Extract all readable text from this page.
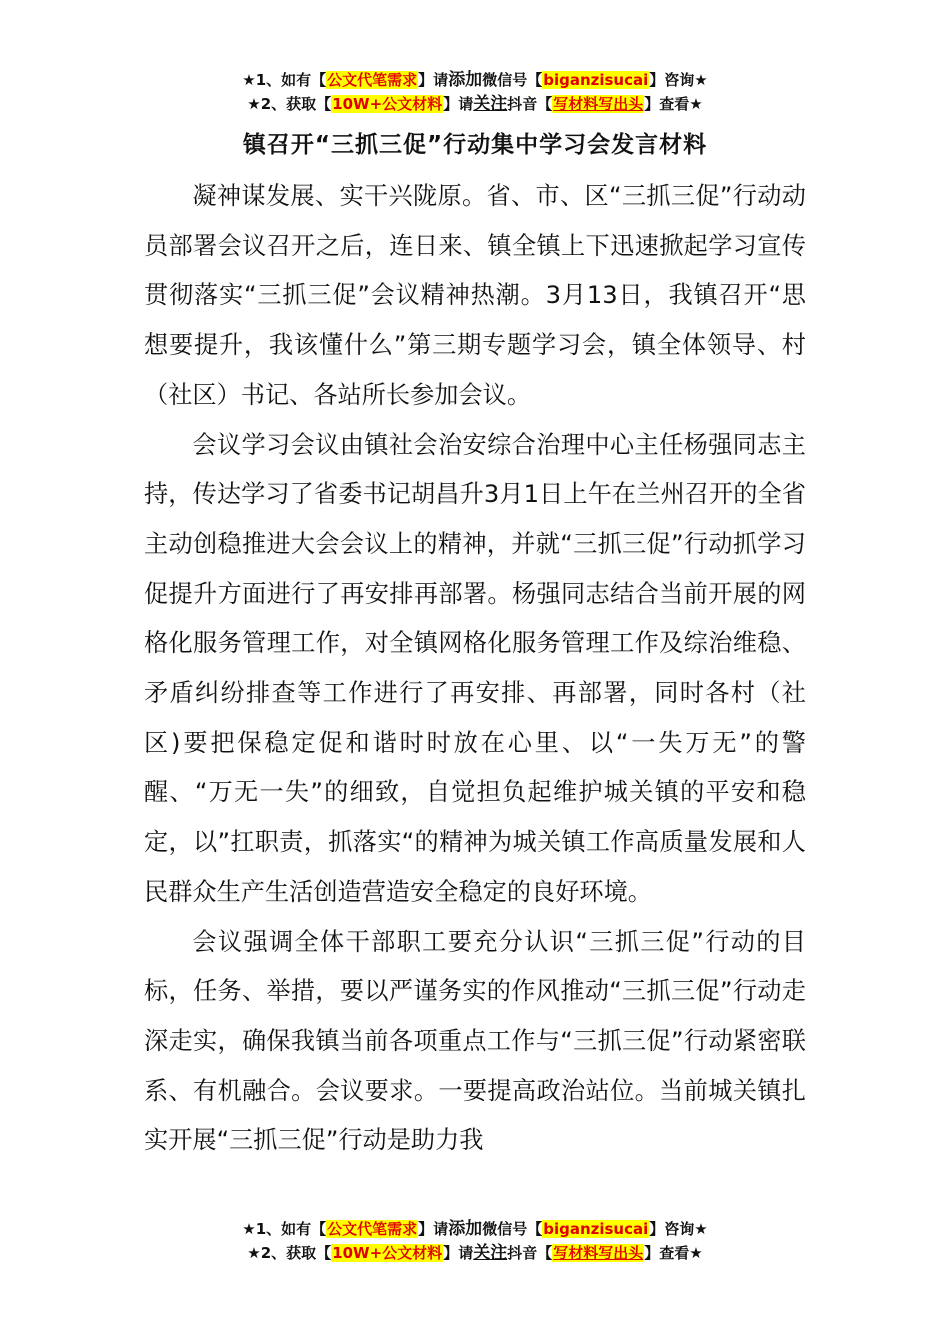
★1、如有【公文代笔需求】请添加微信号【biganzisucai】咨询★
★2、获取【10W+公文材料】请关注抖音【写材料写出头】查看★
镇召开“三抓三促”行动集中学习会发言材料

凝神谋发展、实干兴陇原。省、市、区“三抓三促”行动动员部署会议召开之后，连日来、镇全镇上下迅速掀起学习宣传贯彻落实“三抓三促”会议精神热潮。3月13日，我镇召开“思想要提升，我该懂什么”第三期专题学习会，镇全体领导、村（社区）书记、各站所长参加会议。

会议学习会议由镇社会治安综合治理中心主任杨强同志主持，传达学习了省委书记胡昌升3月1日上午在兰州召开的全省主动创稳推进大会会议上的精神，并就“三抓三促”行动抓学习促提升方面进行了再安排再部署。杨强同志结合当前开展的网格化服务管理工作，对全镇网格化服务管理工作及综治维稳、矛盾纠纷排查等工作进行了再安排、再部署，同时各村（社区)要把保稳定促和谐时时放在心里、以“一失万无”的警醒、“万无一失”的细致，自觉担负起维护城关镇的平安和稳定，以”扛职责，抓落实“的精神为城关镇工作高质量发展和人民群众生产生活创造营造安全稳定的良好环境。

会议强调全体干部职工要充分认识“三抓三促”行动的目标，任务、举措，要以严谨务实的作风推动“三抓三促”行动走深走实，确保我镇当前各项重点工作与“三抓三促”行动紧密联系、有机融合。会议要求。一要提高政治站位。当前城关镇扎实开展“三抓三促”行动是助力我

★1、如有【公文代笔需求】请添加微信号【biganzisucai】咨询★
★2、获取【10W+公文材料】请关注抖音【写材料写出头】查看★
